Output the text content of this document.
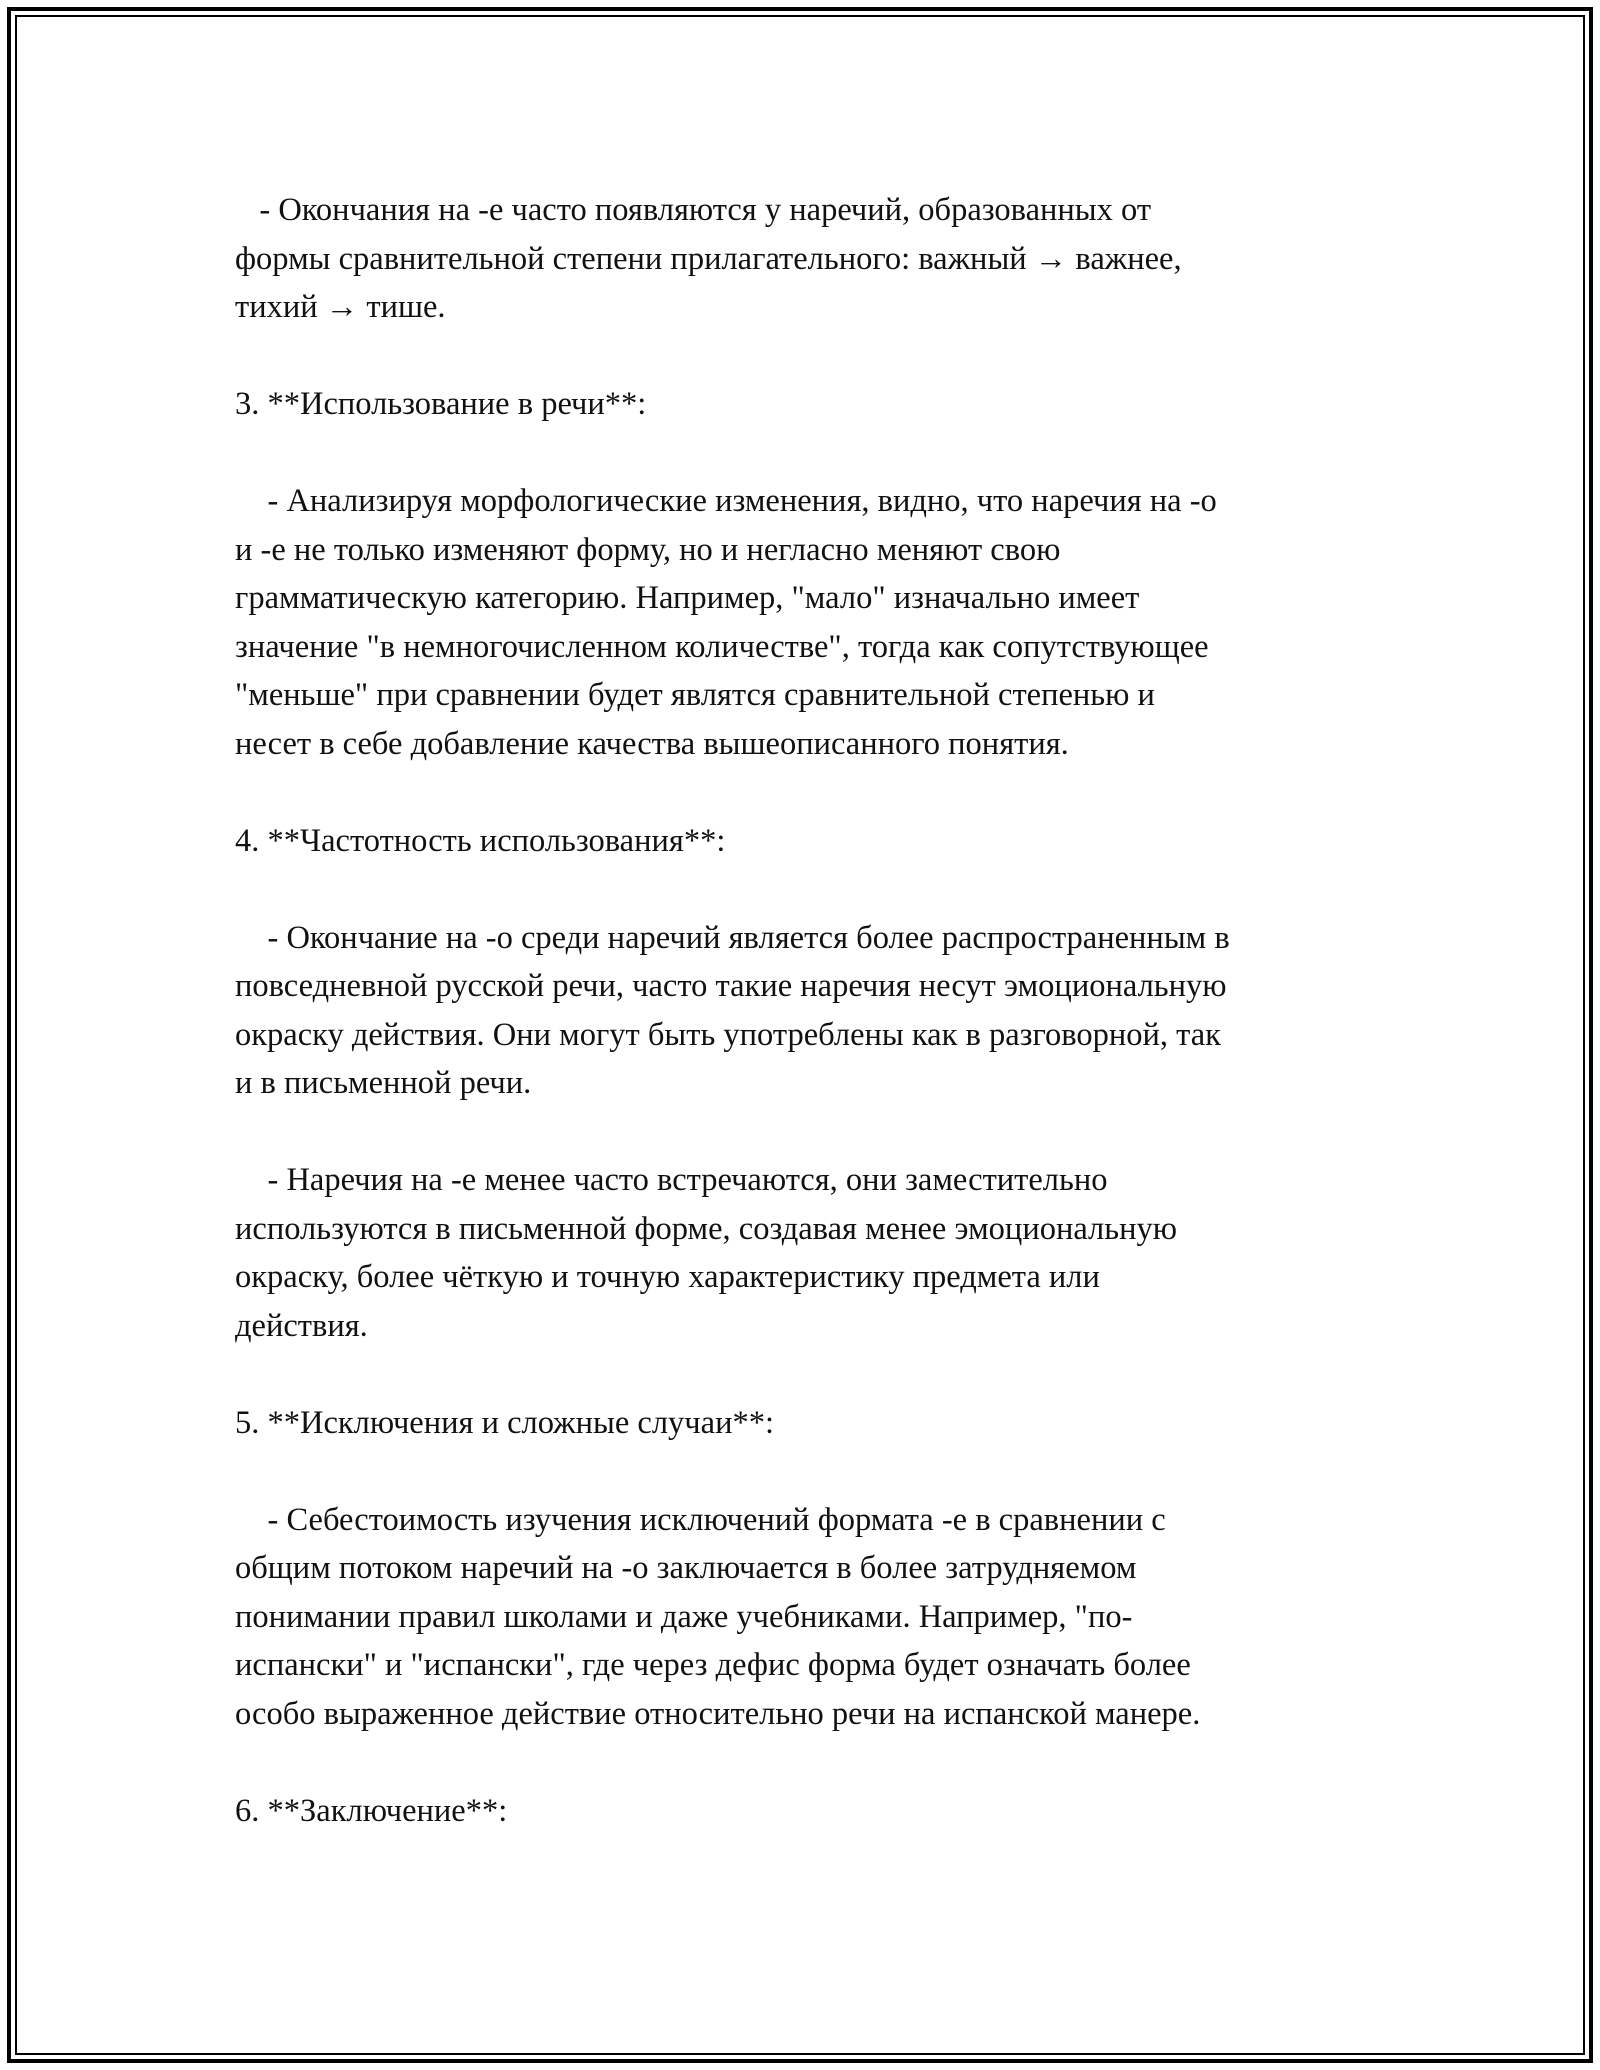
- Окончания на -е часто появляются у наречий, образованных от

формы сравнительной степени прилагательного: важный → важнее,

тихий → тише.

3. **Использование в речи**:

- Анализируя морфологические изменения, видно, что наречия на -о

и -е не только изменяют форму, но и негласно меняют свою

грамматическую категорию. Например, "мало" изначально имеет

значение "в немногочисленном количестве", тогда как сопутствующее

"меньше" при сравнении будет являтся сравнительной степенью и

несет в себе добавление качества вышеописанного понятия.

4. **Частотность использования**:

- Окончание на -о среди наречий является более распространенным в

повседневной русской речи, часто такие наречия несут эмоциональную

окраску действия. Они могут быть употреблены как в разговорной, так

и в письменной речи.

- Наречия на -е менее часто встречаются, они заместительно

используются в письменной форме, создавая менее эмоциональную

окраску, более чёткую и точную характеристику предмета или

действия.

5. **Исключения и сложные случаи**:

- Себестоимость изучения исключений формата -е в сравнении с

общим потоком наречий на -о заключается в более затрудняемом

понимании правил школами и даже учебниками. Например, "по-

испански" и "испански", где через дефис форма будет означать более

особо выраженное действие относительно речи на испанской манере.

6. **Заключение**:
